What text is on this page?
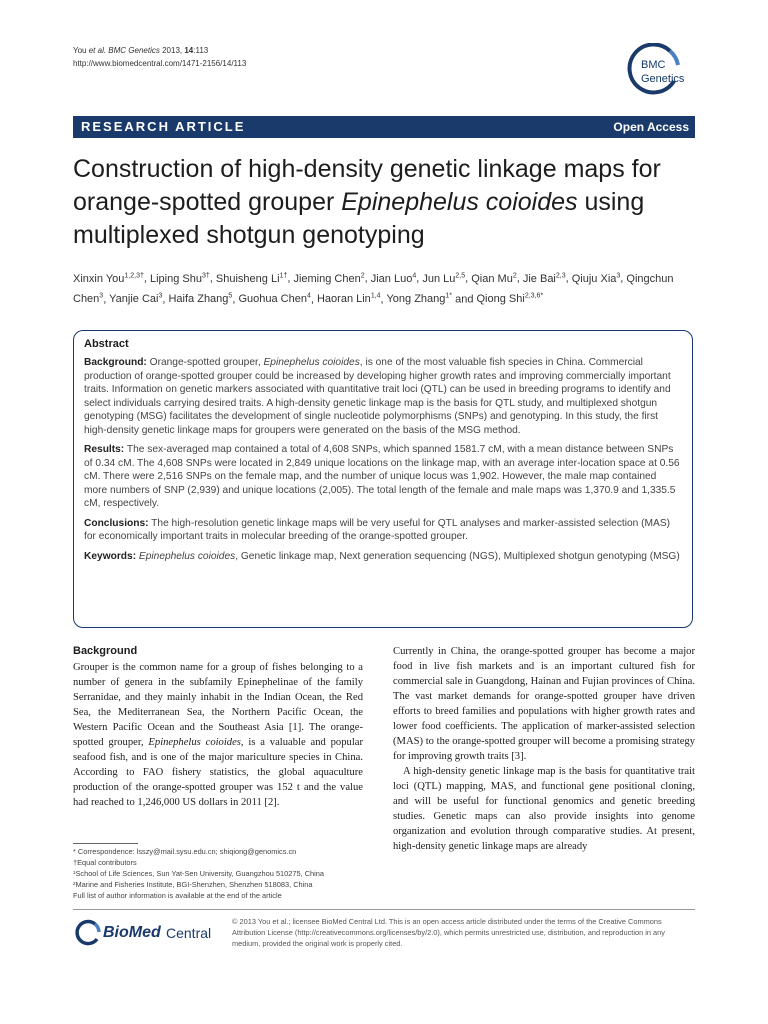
You et al. BMC Genetics 2013, 14:113
http://www.biomedcentral.com/1471-2156/14/113	BMC
Genetics
RESEARCH ARTICLE	Open Access
Construction of high-density genetic linkage maps for orange-spotted grouper Epinephelus coioides using multiplexed shotgun genotyping
Xinxin You$^{1,2,3\dagger}$, Liping Shu$^{3\dagger}$, Shuisheng $Li^{1\dagger}$, Jieming Chen$^2$, Jian Luo$^4$, Jun Lu$^{2,5}$, Qian Mu$^2$, Jie Bai$^{2,3}$, Qiuju Xia$^3$, Qingchun Chen$^3$, Yanjie Cai$^3$, Haifa Zhang$^5$, Guohua Chen$^4$, Haoran Lin$^{1,4}$, Yong Zhang$^{1*}$ and Qiong Shi$^{2,3,6*}$
Abstract

Background: Orange-spotted grouper, Epinephelus coioides, is one of the most valuable fish species in China. Commercial production of orange-spotted grouper could be increased by developing higher growth rates and improving commercially important traits. Information on genetic markers associated with quantitative trait loci (QTL) can be used in breeding programs to identify and select individuals carrying desired traits. A high-density genetic linkage map is the basis for QTL study, and multiplexed shotgun genotyping (MSG) facilitates the development of single nucleotide polymorphisms (SNPs) and genotyping. In this study, the first high-density genetic linkage maps for groupers were generated on the basis of the MSG method.

Results: The sex-averaged map contained a total of 4,608 SNPs, which spanned 1581.7 cM, with a mean distance between SNPs of 0.34 cM. The 4,608 SNPs were located in 2,849 unique locations on the linkage map, with an average inter-location space at 0.56 cM. There were 2,516 SNPs on the female map, and the number of unique locus was 1,902. However, the male map contained more numbers of SNP (2,939) and unique locations (2,005). The total length of the female and male maps was 1,370.9 and 1,335.5 cM, respectively.

Conclusions: The high-resolution genetic linkage maps will be very useful for QTL analyses and marker-assisted selection (MAS) for economically important traits in molecular breeding of the orange-spotted grouper.

Keywords: Epinephelus coioides, Genetic linkage map, Next generation sequencing (NGS), Multiplexed shotgun genotyping (MSG)

Background

Grouper is the common name for a group of fishes belonging to a number of genera in the subfamily Epinephelinae of the family Serranidae, and they mainly inhabit in the Indian Ocean, the Red Sea, the Mediterranean Sea, the Northern Pacific Ocean, the Western Pacific Ocean and the Southeast Asia [1]. The orange-spotted grouper, Epinephelus coioides, is a valuable and popular seafood fish, and is one of the major mariculture species in China. According to FAO fishery statistics, the global aquaculture production of the orange-spotted grouper was 152 t and the value had reached to 1,246,000 US dollars in 2011 [2].

Currently in China, the orange-spotted grouper has become a major food in live fish markets and is an important cultured fish for commercial sale in Guangdong, Hainan and Fujian provinces of China. The vast market demands for orange-spotted grouper have driven efforts to breed families and populations with higher growth rates and lower food coefficients. The application of marker-assisted selection (MAS) to the orange-spotted grouper will become a promising strategy for improving growth traits [3].

A high-density genetic linkage map is the basis for quantitative trait loci (QTL) mapping, MAS, and functional gene positional cloning, and will be useful for functional genomics and genetic breeding studies. Genetic maps can also provide insights into genome organization and evolution through comparative studies. At present, high-density genetic linkage maps are already

* Correspondence: lsszy@mail.sysu.edu.cn; shiqiong@genomics.cn
†Equal contributors
¹School of Life Sciences, Sun Yat-Sen University, Guangzhou 510275, China
²Marine and Fisheries Institute, BGI-Shenzhen, Shenzhen 518083, China
Full list of author information is available at the end of the article
BioMed Central
© 2013 You et al.; licensee BioMed Central Ltd. This is an open access article distributed under the terms of the Creative Commons Attribution License (http://creativecommons.org/licenses/by/2.0), which permits unrestricted use, distribution, and reproduction in any medium, provided the original work is properly cited.
